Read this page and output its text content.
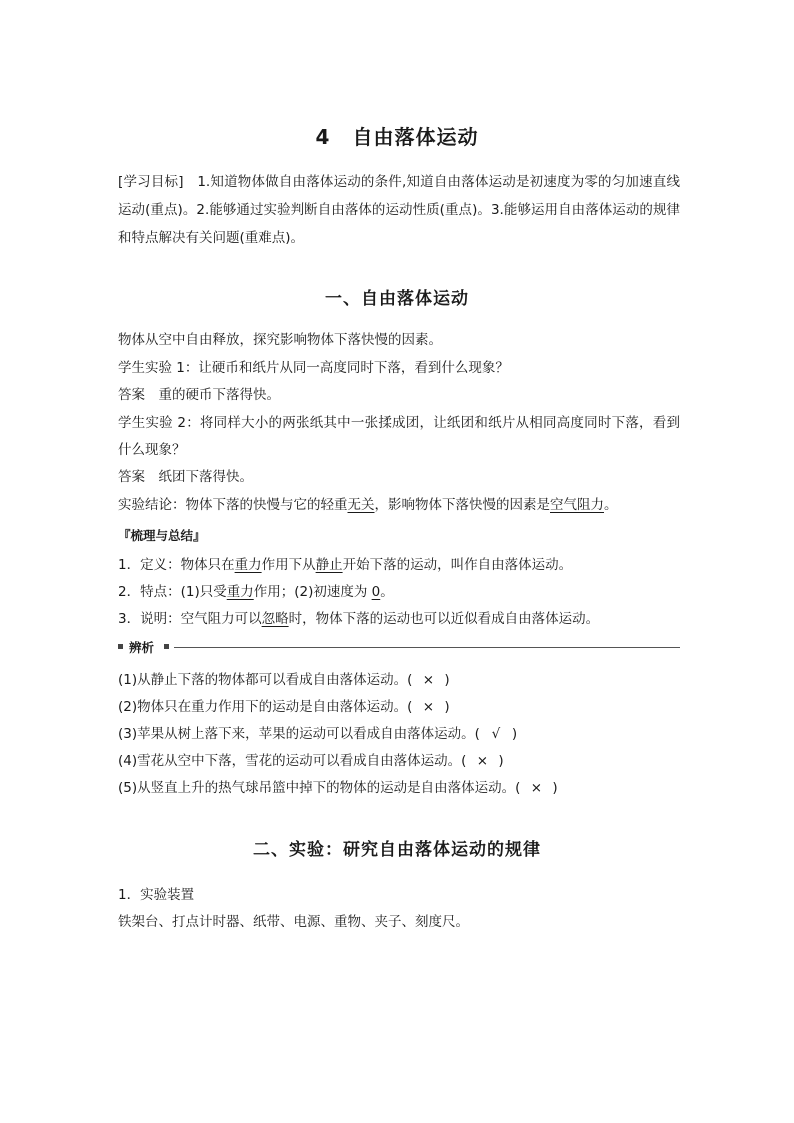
4 自由落体运动
[学习目标]　1.知道物体做自由落体运动的条件,知道自由落体运动是初速度为零的匀加速直线运动(重点)。2.能够通过实验判断自由落体的运动性质(重点)。3.能够运用自由落体运动的规律和特点解决有关问题(重难点)。
一、自由落体运动
物体从空中自由释放，探究影响物体下落快慢的因素。
学生实验 1：让硬币和纸片从同一高度同时下落，看到什么现象？
答案　重的硬币下落得快。
学生实验 2：将同样大小的两张纸其中一张揉成团，让纸团和纸片从相同高度同时下落，看到什么现象？
答案　纸团下落得快。
实验结论：物体下落的快慢与它的轻重无关，影响物体下落快慢的因素是空气阻力。
『梳理与总结』
1．定义：物体只在重力作用下从静止开始下落的运动，叫作自由落体运动。
2．特点：(1)只受重力作用；(2)初速度为 0。
3．说明：空气阻力可以忽略时，物体下落的运动也可以近似看成自由落体运动。
辨析
(1)从静止下落的物体都可以看成自由落体运动。( × )
(2)物体只在重力作用下的运动是自由落体运动。( × )
(3)苹果从树上落下来，苹果的运动可以看成自由落体运动。( √ )
(4)雪花从空中下落，雪花的运动可以看成自由落体运动。( × )
(5)从竖直上升的热气球吊篮中掉下的物体的运动是自由落体运动。( × )
二、实验：研究自由落体运动的规律
1．实验装置
铁架台、打点计时器、纸带、电源、重物、夹子、刻度尺。
